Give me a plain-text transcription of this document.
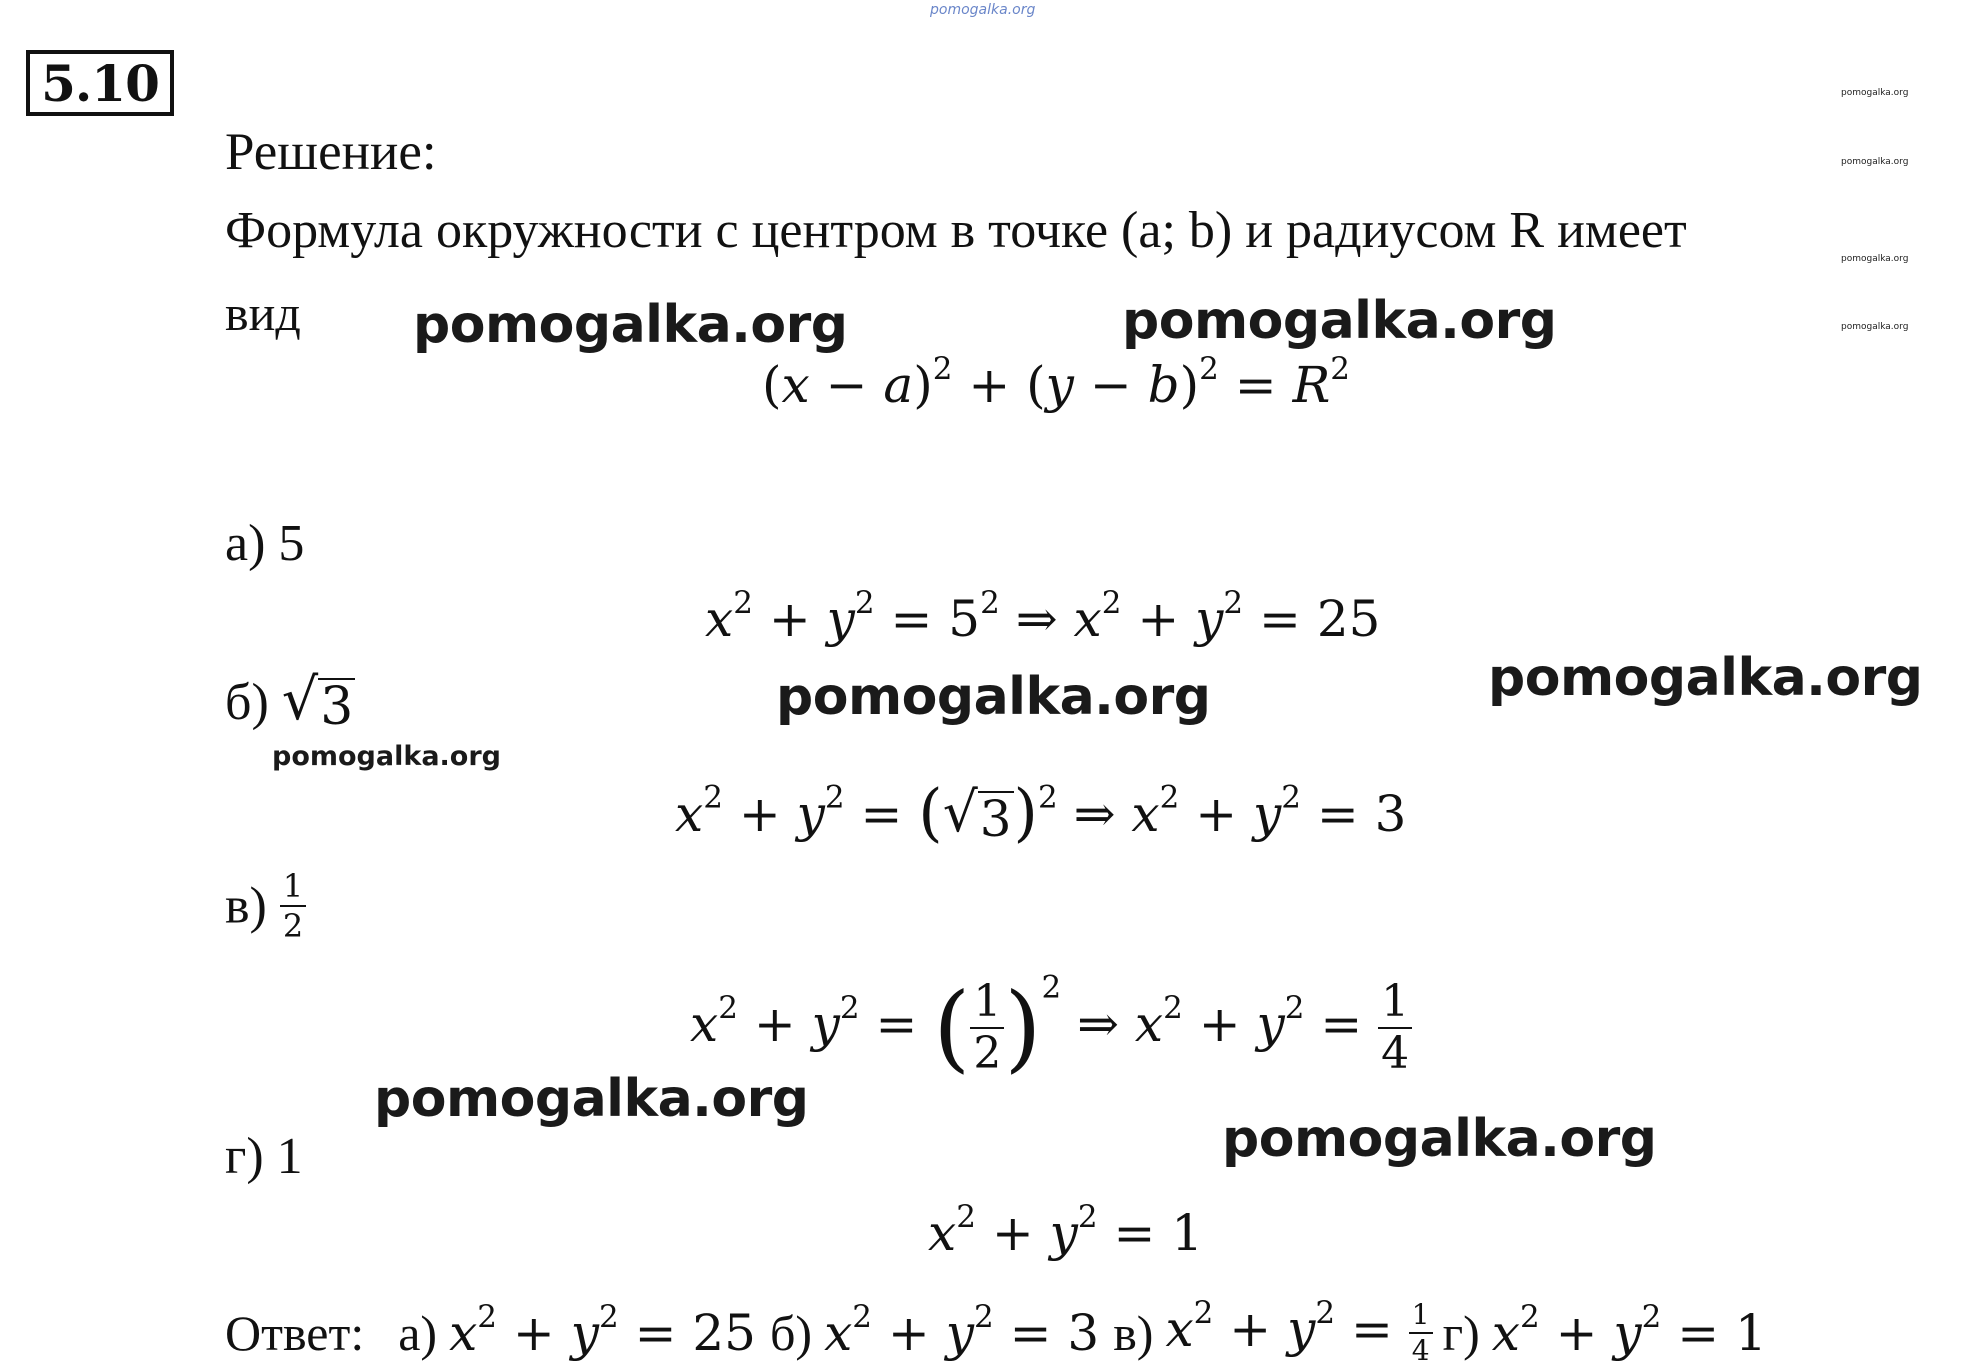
pomogalka.org
5.10	pomogalka.org
pomogalka.org
pomogalka.org
pomogalka.org
Решение:
Формула окружности с центром в точке (a; b) и радиусом R имеет
вид pomogalka.org	pomogalka.org
pomogalka.org	pomogalka.org
pomogalka.org
pomogalka.org
pomogalka.org
$(x - a)^2 + (y - b)^2 = R^2$
а) 5
$x^2 + y^2 = 5^2$ ⇒ $x^2 + y^2 = 25$
б) √ 3
$x^2 + y^2$ = ( √ 3 )$^2$ ⇒ $x^2 + y^2 = 3$
$в) \frac{1}{2}$
$x^2 + y^2$ = ( $\frac{1}{2} )^2$ ⇒ $x^2 + y^2 = \frac{1}{4}$
г) 1
$x^2 + y^2 = 1$
Ответ: а) $x^2 + y^2 = 25$ б) $x^2 + y^2 = 3$ в) $x^2 + y^2 = \frac{1}{4} г$) $x^2 + y^2 = 1$
